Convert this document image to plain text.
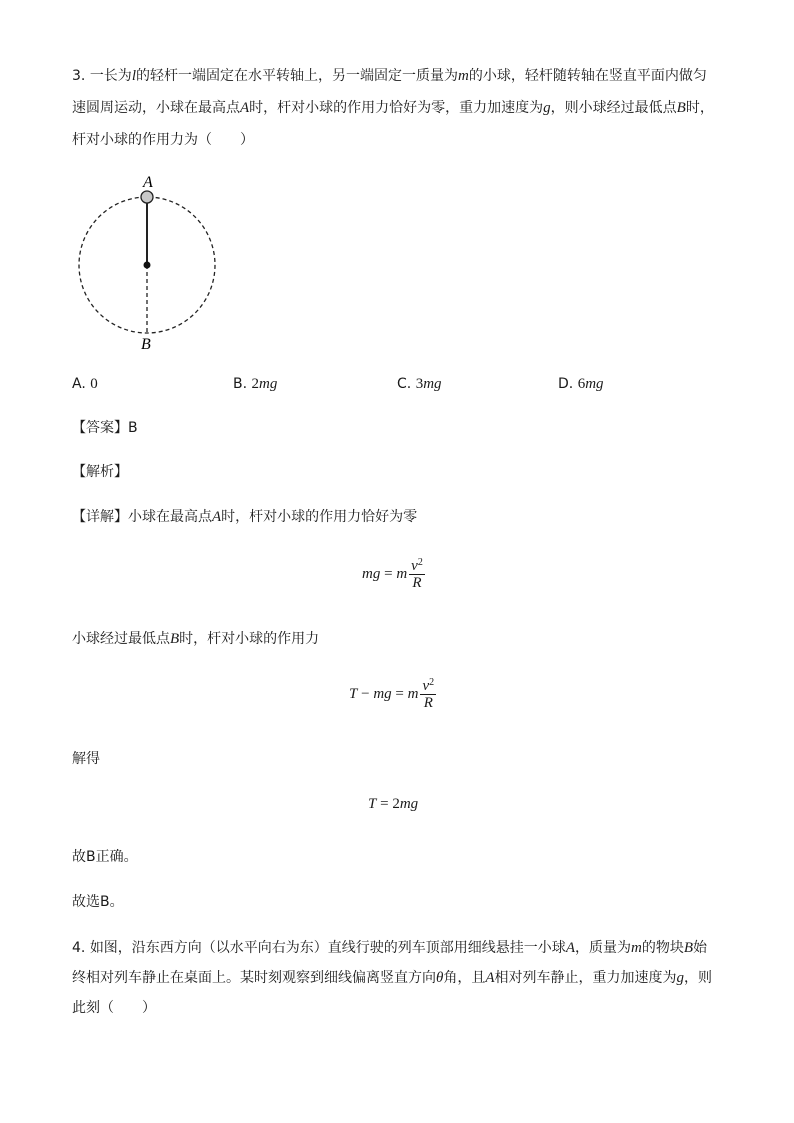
3. 一长为l的轻杆一端固定在水平转轴上，另一端固定一质量为m的小球，轻杆随转轴在竖直平面内做匀
速圆周运动，小球在最高点A时，杆对小球的作用力恰好为零，重力加速度为g，则小球经过最低点B时，
杆对小球的作用力为（　　）
A
B
A. 0	B. 2mg	C. 3mg	D. 6mg
【答案】B
【解析】
【详解】小球在最高点A时，杆对小球的作用力恰好为零
mg = m $\frac{v^2}{R}$
小球经过最低点B时，杆对小球的作用力
T − mg = m $\frac{v^2}{R}$
解得
T = 2 mg
故B正确。
故选B。
4. 如图，沿东西方向（以水平向右为东）直线行驶的列车顶部用细线悬挂一小球A，质量为m的物块B始
终相对列车静止在桌面上。某时刻观察到细线偏离竖直方向θ角，且A相对列车静止，重力加速度为g，则
此刻（　　）
